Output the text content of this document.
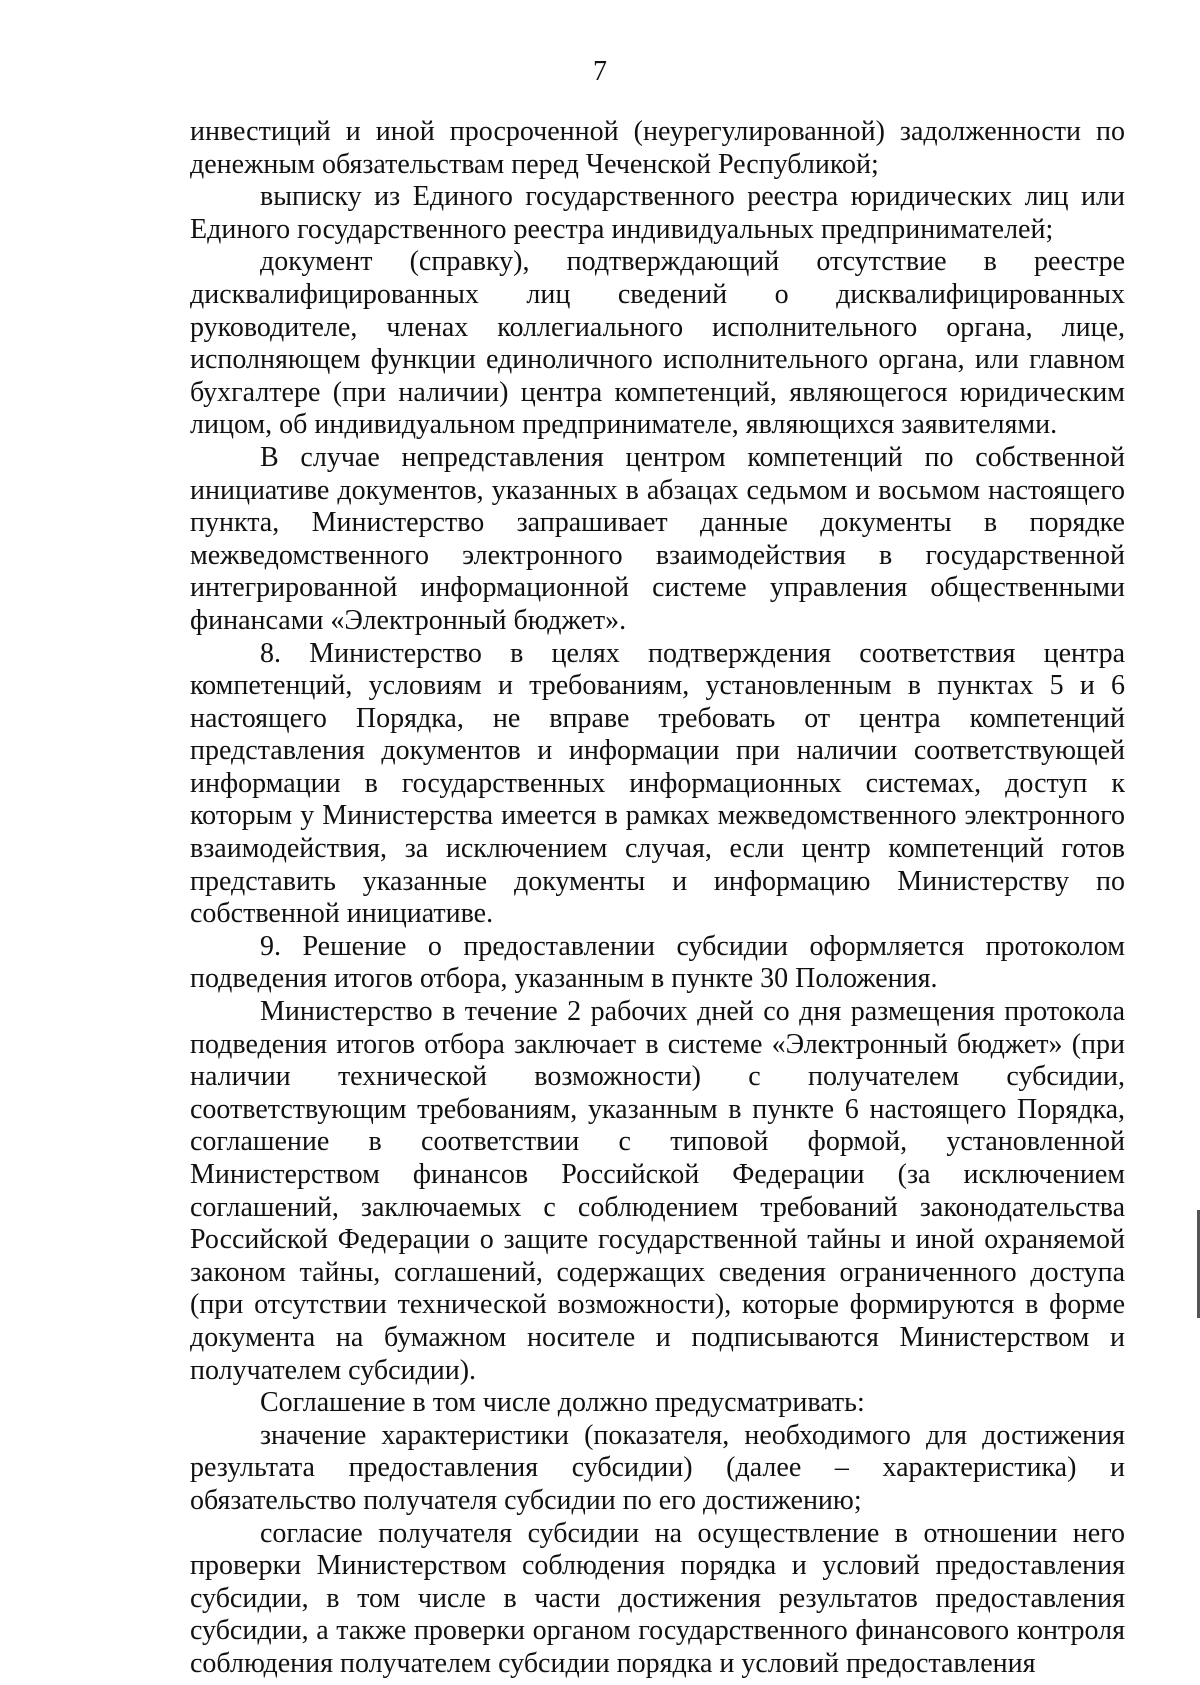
7

инвестиций и иной просроченной (неурегулированной) задолженности по денежным обязательствам перед Чеченской Республикой;

выписку из Единого государственного реестра юридических лиц или Единого государственного реестра индивидуальных предпринимателей;

документ (справку), подтверждающий отсутствие в реестре дисквалифицированных лиц сведений о дисквалифицированных руководителе, членах коллегиального исполнительного органа, лице, исполняющем функции единоличного исполнительного органа, или главном бухгалтере (при наличии) центра компетенций, являющегося юридическим лицом, об индивидуальном предпринимателе, являющихся заявителями.

В случае непредставления центром компетенций по собственной инициативе документов, указанных в абзацах седьмом и восьмом настоящего пункта, Министерство запрашивает данные документы в порядке межведомственного электронного взаимодействия в государственной интегрированной информационной системе управления общественными финансами «Электронный бюджет».

8. Министерство в целях подтверждения соответствия центра компетенций, условиям и требованиям, установленным в пунктах 5 и 6 настоящего Порядка, не вправе требовать от центра компетенций представления документов и информации при наличии соответствующей информации в государственных информационных системах, доступ к которым у Министерства имеется в рамках межведомственного электронного взаимодействия, за исключением случая, если центр компетенций готов представить указанные документы и информацию Министерству по собственной инициативе.

9. Решение о предоставлении субсидии оформляется протоколом подведения итогов отбора, указанным в пункте 30 Положения.

Министерство в течение 2 рабочих дней со дня размещения протокола подведения итогов отбора заключает в системе «Электронный бюджет» (при наличии технической возможности) с получателем субсидии, соответствующим требованиям, указанным в пункте 6 настоящего Порядка, соглашение в соответствии с типовой формой, установленной Министерством финансов Российской Федерации (за исключением соглашений, заключаемых с соблюдением требований законодательства Российской Федерации о защите государственной тайны и иной охраняемой законом тайны, соглашений, содержащих сведения ограниченного доступа (при отсутствии технической возможности), которые формируются в форме документа на бумажном носителе и подписываются Министерством и получателем субсидии).

Соглашение в том числе должно предусматривать:

значение характеристики (показателя, необходимого для достижения результата предоставления субсидии) (далее – характеристика) и обязательство получателя субсидии по его достижению;

согласие получателя субсидии на осуществление в отношении него проверки Министерством соблюдения порядка и условий предоставления субсидии, в том числе в части достижения результатов предоставления субсидии, а также проверки органом государственного финансового контроля соблюдения получателем субсидии порядка и условий предоставления
